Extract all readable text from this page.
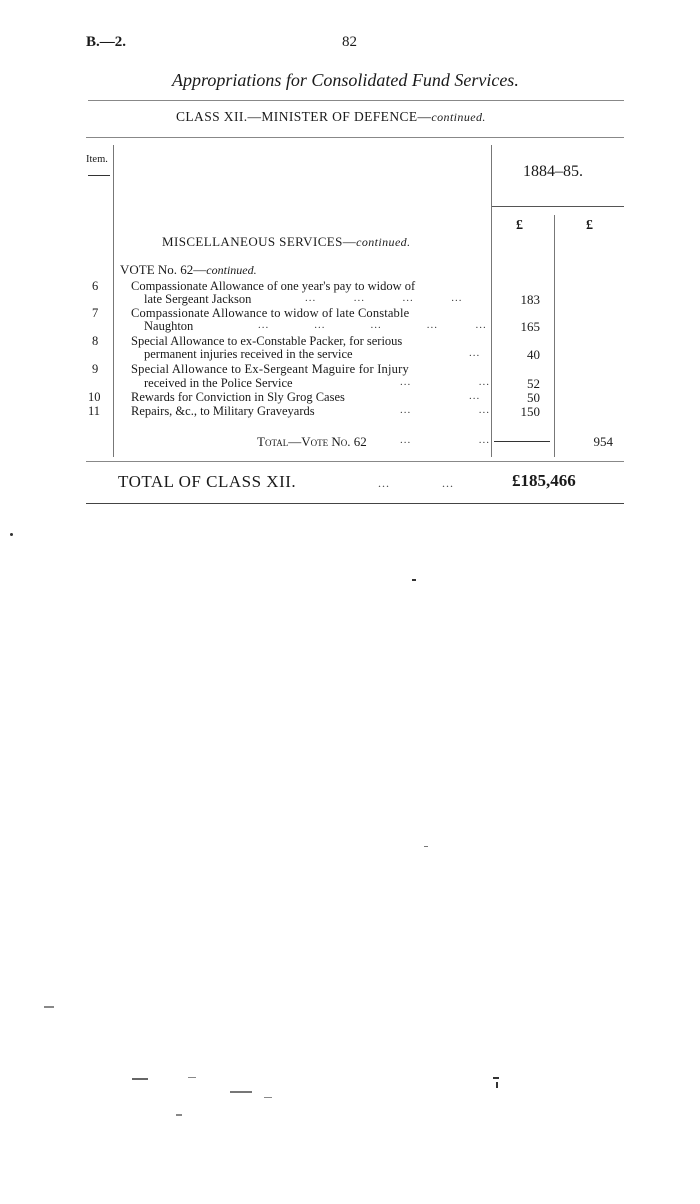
B.—2.	82
Appropriations for Consolidated Fund Services.
CLASS XII.—MINISTER OF DEFENCE—continued.
Item.
1884–85.
£	£
MISCELLANEOUS SERVICES—continued.
VOTE No. 62—continued.
6	Compassionate Allowance of one year's pay to widow of
late Sergeant Jackson	...          ...          ...          ...	183
7	Compassionate Allowance to widow of late Constable
Naughton	...            ...            ...            ...          ...	165
8	Special Allowance to ex-Constable Packer, for serious
permanent injuries received in the service	...	40
9	Special Allowance to Ex-Sergeant Maguire for Injury
received in the Police Service	...                  ...	52
10 Rewards for Conviction in Sly Grog Cases	...	50
11 Repairs, &c., to Military Graveyards	...                  ...	150
Total—Vote No. 62	...                  ...	954
TOTAL OF CLASS XII.	...             ...	£185,466
